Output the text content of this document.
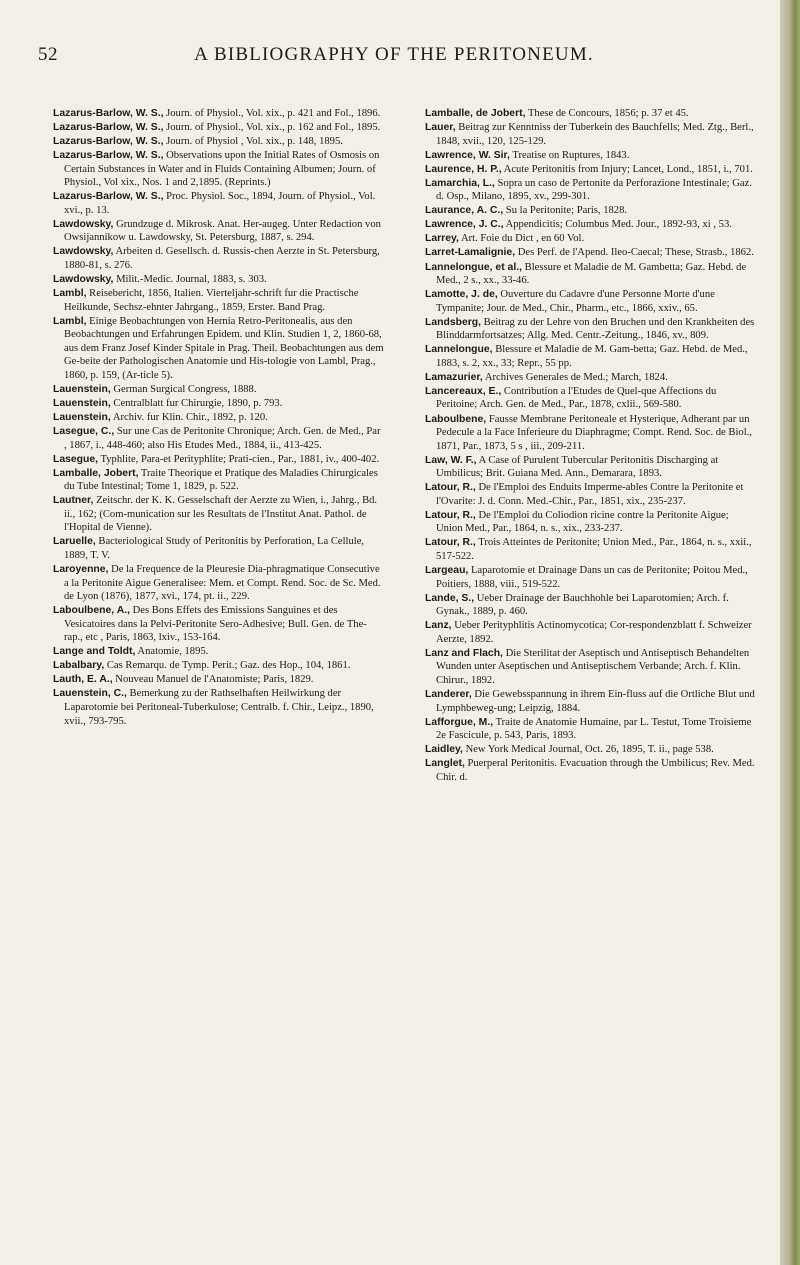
52	A BIBLIOGRAPHY OF THE PERITONEUM.

Lazarus-Barlow, W. S., Journ. of Physiol., Vol. xix., p. 421 and Fol., 1896.

Lazarus-Barlow, W. S., Journ. of Physiol., Vol. xix., p. 162 and Fol., 1895.

Lazarus-Barlow, W. S., Journ. of Physiol , Vol. xix., p. 148, 1895.

Lazarus-Barlow, W. S., Observations upon the Initial Rates of Osmosis on Certain Substances in Water and in Fluids Containing Albumen; Journ. of Physiol., Vol xix., Nos. 1 and 2,1895. (Reprints.)

Lazarus-Barlow, W. S., Proc. Physiol. Soc., 1894, Journ. of Physiol., Vol. xvi., p. 13.

Lawdowsky, Grundzuge d. Mikrosk. Anat. Her-augeg. Unter Redaction von Owsijannikow u. Lawdowsky, St. Petersburg, 1887, s. 294.

Lawdowsky, Arbeiten d. Gesellsch. d. Russis-chen Aerzte in St. Petersburg, 1880-81, s. 276.

Lawdowsky, Milit.-Medic. Journal, 1883, s. 303.

Lambl, Reisebericht, 1856, Italien. Vierteljahr-schrift fur die Practische Heilkunde, Sechsz-ehnter Jahrgang., 1859, Erster. Band Prag.

Lambl, Einige Beobachtungen von Hernia Retro-Peritonealis, aus den Beobachtungen und Erfahrungen Epidem. und Klin. Studien 1, 2, 1860-68, aus dem Franz Josef Kinder Spitale in Prag. Theil. Beobachtungen aus dem Ge-beite der Pathologischen Anatomie und His-tologie von Lambl, Prag., 1860, p. 159, (Ar-ticle 5).

Lauenstein, German Surgical Congress, 1888.

Lauenstein, Centralblatt fur Chirurgie, 1890, p. 793.

Lauenstein, Archiv. fur Klin. Chir., 1892, p. 120.

Lasegue, C., Sur une Cas de Peritonite Chronique; Arch. Gen. de Med., Par , 1867, i., 448-460; also His Etudes Med., 1884, ii., 413-425.

Lasegue, Typhlite, Para-et Perityphlite; Prati-cien., Par., 1881, iv., 400-402.

Lamballe, Jobert, Traite Theorique et Pratique des Maladies Chirurgicales du Tube Intestinal; Tome 1, 1829, p. 522.

Lautner, Zeitschr. der K. K. Gesselschaft der Aerzte zu Wien, i., Jahrg., Bd. ii., 162; (Com-munication sur les Resultats de l'Institut Anat. Pathol. de l'Hopital de Vienne).

Laruelle, Bacteriological Study of Peritonitis by Perforation, La Cellule, 1889, T. V.

Laroyenne, De la Frequence de la Pleuresie Dia-phragmatique Consecutive a la Peritonite Aigue Generalisee: Mem. et Compt. Rend. Soc. de Sc. Med. de Lyon (1876), 1877, xvi., 174, pt. ii., 229.

Laboulbene, A., Des Bons Effets des Emissions Sanguines et des Vesicatoires dans la Pelvi-Peritonite Sero-Adhesive; Bull. Gen. de The-rap., etc , Paris, 1863, lxiv., 153-164.

Lange and Toldt, Anatomie, 1895.

Labalbary, Cas Remarqu. de Tymp. Perit.; Gaz. des Hop., 104, 1861.

Lauth, E. A., Nouveau Manuel de l'Anatomiste; Paris, 1829.

Lauenstein, C., Bemerkung zu der Rathselhaften Heilwirkung der Laparotomie bei Peritoneal-Tuberkulose; Centralb. f. Chir., Leipz., 1890, xvii., 793-795.

Lamballe, de Jobert, These de Concours, 1856; p. 37 et 45.

Lauer, Beitrag zur Kenntniss der Tuberkein des Bauchfells; Med. Ztg., Berl., 1848, xvii., 120, 125-129.

Lawrence, W. Sir, Treatise on Ruptures, 1843.

Laurence, H. P., Acute Peritonitis from Injury; Lancet, Lond., 1851, i., 701.

Lamarchia, L., Sopra un caso de Pertonite da Perforazione Intestinale; Gaz. d. Osp., Milano, 1895, xv., 299-301.

Laurance, A. C., Su la Peritonite; Paris, 1828.

Lawrence, J. C., Appendicitis; Columbus Med. Jour., 1892-93, xi , 53.

Larrey, Art. Foie du Dict , en 60 Vol.

Larret-Lamalignie, Des Perf. de l'Apend. Ileo-Caecal; These, Strasb., 1862.

Lannelongue, et al., Blessure et Maladie de M. Gambetta; Gaz. Hebd. de Med., 2 s., xx., 33-46.

Lamotte, J. de, Ouverture du Cadavre d'une Personne Morte d'une Tympanite; Jour. de Med., Chir., Pharm., etc., 1866, xxiv., 65.

Landsberg, Beitrag zu der Lehre von den Bruchen und den Krankheiten des Blinddarmfortsatzes; Allg. Med. Centr.-Zeitung., 1846, xv., 809.

Lannelongue, Blessure et Maladie de M. Gam-betta; Gaz. Hebd. de Med., 1883, s. 2, xx., 33; Repr., 55 pp.

Lamazurier, Archives Generales de Med.; March, 1824.

Lancereaux, E., Contribution a l'Etudes de Quel-que Affections du Peritoine; Arch. Gen. de Med., Par., 1878, cxlii., 569-580.

Laboulbene, Fausse Membrane Peritoneale et Hysterique, Adherant par un Pedecule a la Face Inferieure du Diaphragme; Compt. Rend. Soc. de Biol., 1871, Par., 1873, 5 s , iii., 209-211.

Law, W. F., A Case of Purulent Tubercular Peritonitis Discharging at Umbilicus; Brit. Guiana Med. Ann., Demarara, 1893.

Latour, R., De l'Emploi des Enduits Imperme-ables Contre la Peritonite et l'Ovarite: J. d. Conn. Med.-Chir., Par., 1851, xix., 235-237.

Latour, R., De l'Emploi du Coliodion ricine contre la Peritonite Aigue; Union Med., Par., 1864, n. s., xix., 233-237.

Latour, R., Trois Atteintes de Peritonite; Union Med., Par., 1864, n. s., xxii., 517-522.

Largeau, Laparotomie et Drainage Dans un cas de Peritonite; Poitou Med., Poitiers, 1888, viii., 519-522.

Lande, S., Ueber Drainage der Bauchhohle bei Laparotomien; Arch. f. Gynak., 1889, p. 460.

Lanz, Ueber Perityphlitis Actinomycotica; Cor-respondenzblatt f. Schweizer Aerzte, 1892.

Lanz and Flach, Die Sterilitat der Aseptisch und Antiseptisch Behandelten Wunden unter Aseptischen und Antiseptischem Verbande; Arch. f. Klin. Chirur., 1892.

Landerer, Die Gewebsspannung in ihrem Ein-fluss auf die Ortliche Blut und Lymphbeweg-ung; Leipzig, 1884.

Lafforgue, M., Traite de Anatomie Humaine, par L. Testut, Tome Troisieme 2e Fascicule, p. 543, Paris, 1893.

Laidley, New York Medical Journal, Oct. 26, 1895, T. ii., page 538.

Langlet, Puerperal Peritonitis. Evacuation through the Umbilicus; Rev. Med. Chir. d.
